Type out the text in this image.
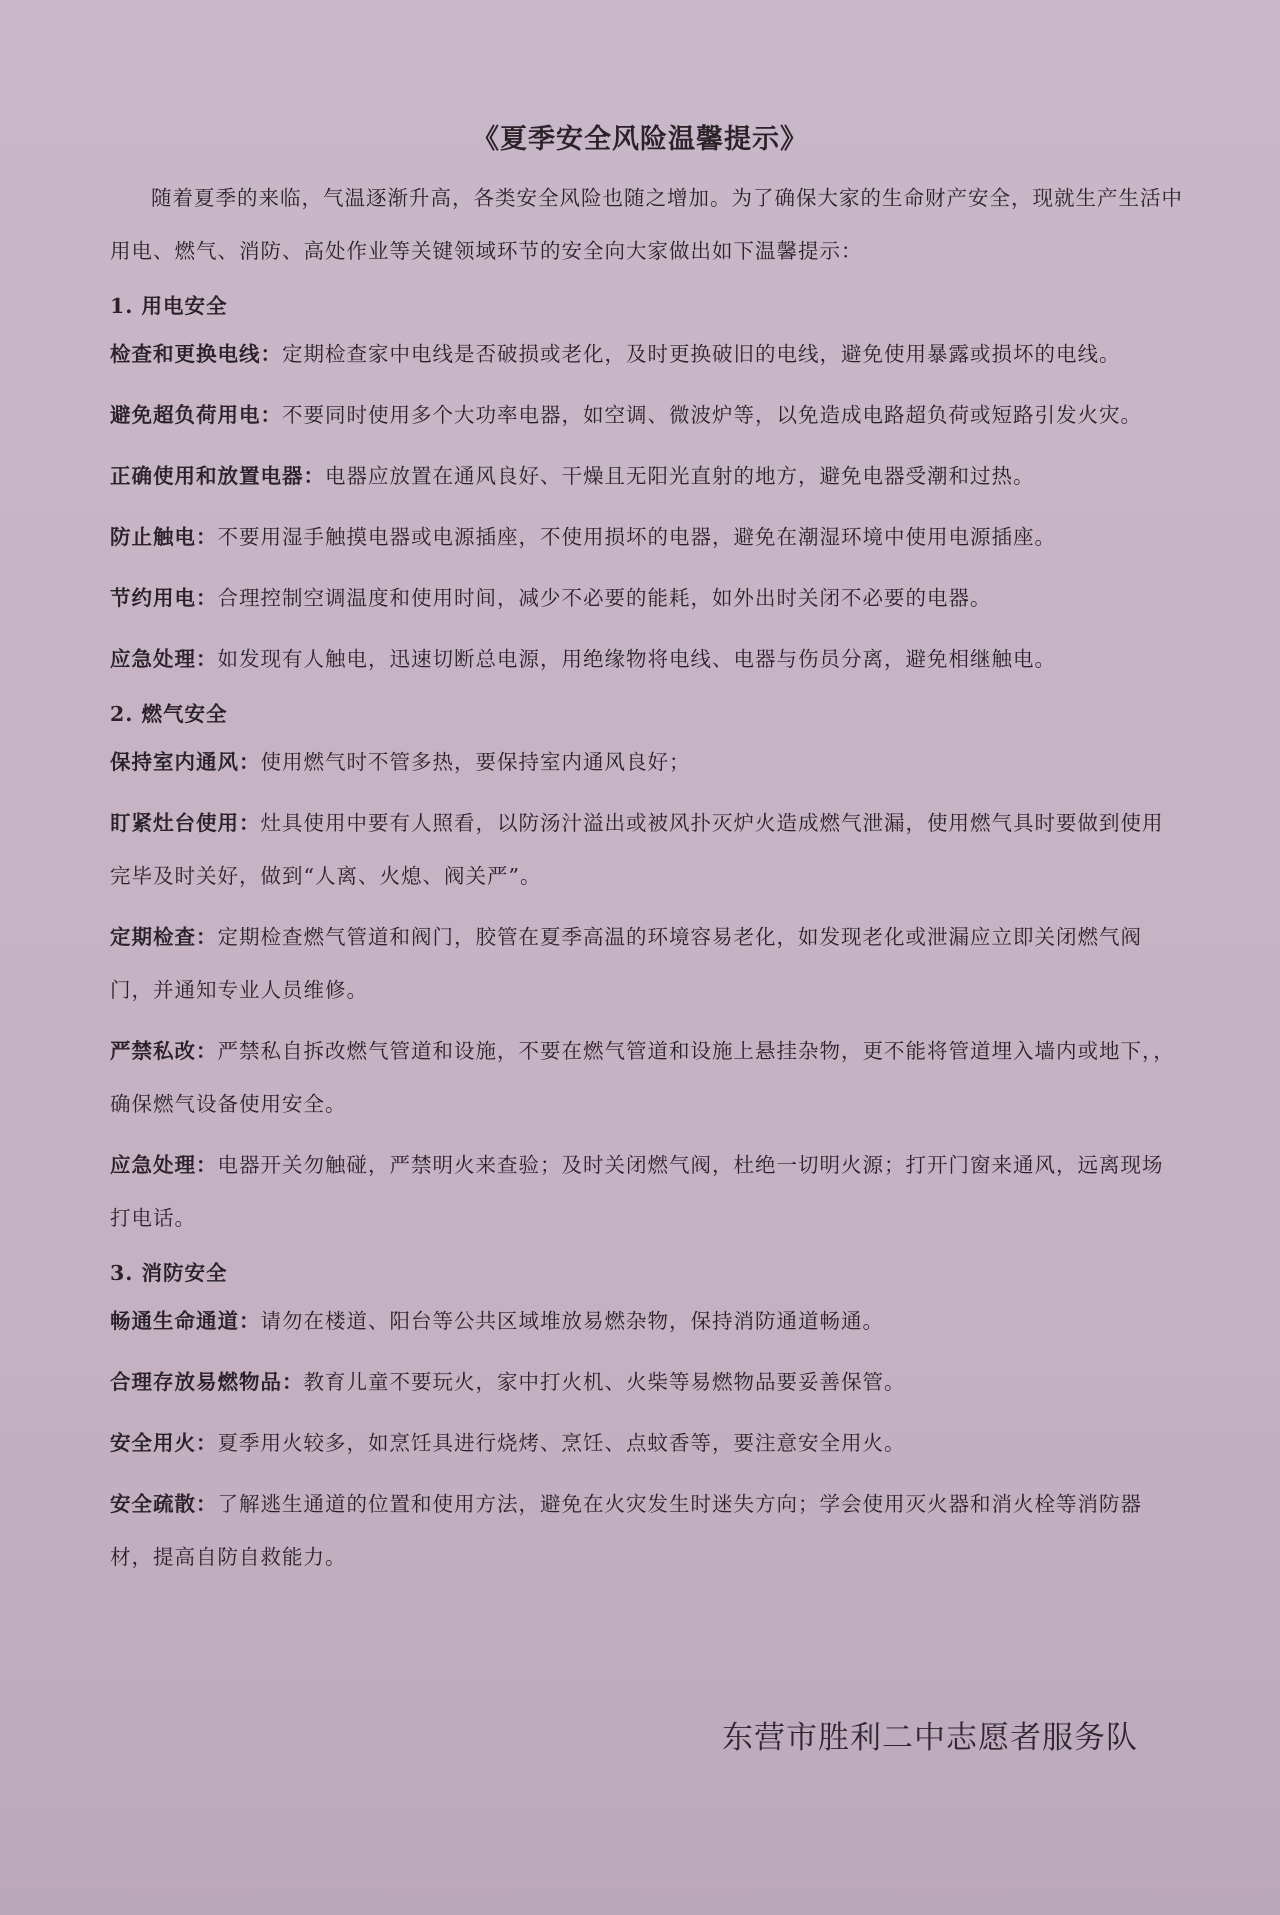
《夏季安全风险温馨提示》
随着夏季的来临，气温逐渐升高，各类安全风险也随之增加。为了确保大家的生命财产安全，现就生产生活中用电、燃气、消防、高处作业等关键领域环节的安全向大家做出如下温馨提示：
1. 用电安全
检查和更换电线：定期检查家中电线是否破损或老化，及时更换破旧的电线，避免使用暴露或损坏的电线。
避免超负荷用电：不要同时使用多个大功率电器，如空调、微波炉等，以免造成电路超负荷或短路引发火灾。
正确使用和放置电器：电器应放置在通风良好、干燥且无阳光直射的地方，避免电器受潮和过热。
防止触电：不要用湿手触摸电器或电源插座，不使用损坏的电器，避免在潮湿环境中使用电源插座。
节约用电：合理控制空调温度和使用时间，减少不必要的能耗，如外出时关闭不必要的电器。
应急处理：如发现有人触电，迅速切断总电源，用绝缘物将电线、电器与伤员分离，避免相继触电。
2. 燃气安全
保持室内通风：使用燃气时不管多热，要保持室内通风良好；
盯紧灶台使用：灶具使用中要有人照看，以防汤汁溢出或被风扑灭炉火造成燃气泄漏，使用燃气具时要做到使用完毕及时关好，做到“人离、火熄、阀关严”。
定期检查：定期检查燃气管道和阀门，胶管在夏季高温的环境容易老化，如发现老化或泄漏应立即关闭燃气阀门，并通知专业人员维修。
严禁私改：严禁私自拆改燃气管道和设施，不要在燃气管道和设施上悬挂杂物，更不能将管道埋入墙内或地下，，确保燃气设备使用安全。
应急处理：电器开关勿触碰，严禁明火来查验；及时关闭燃气阀，杜绝一切明火源；打开门窗来通风，远离现场打电话。
3. 消防安全
畅通生命通道：请勿在楼道、阳台等公共区域堆放易燃杂物，保持消防通道畅通。
合理存放易燃物品：教育儿童不要玩火，家中打火机、火柴等易燃物品要妥善保管。
安全用火：夏季用火较多，如烹饪具进行烧烤、烹饪、点蚊香等，要注意安全用火。
安全疏散：了解逃生通道的位置和使用方法，避免在火灾发生时迷失方向；学会使用灭火器和消火栓等消防器材，提高自防自救能力。
东营市胜利二中志愿者服务队
